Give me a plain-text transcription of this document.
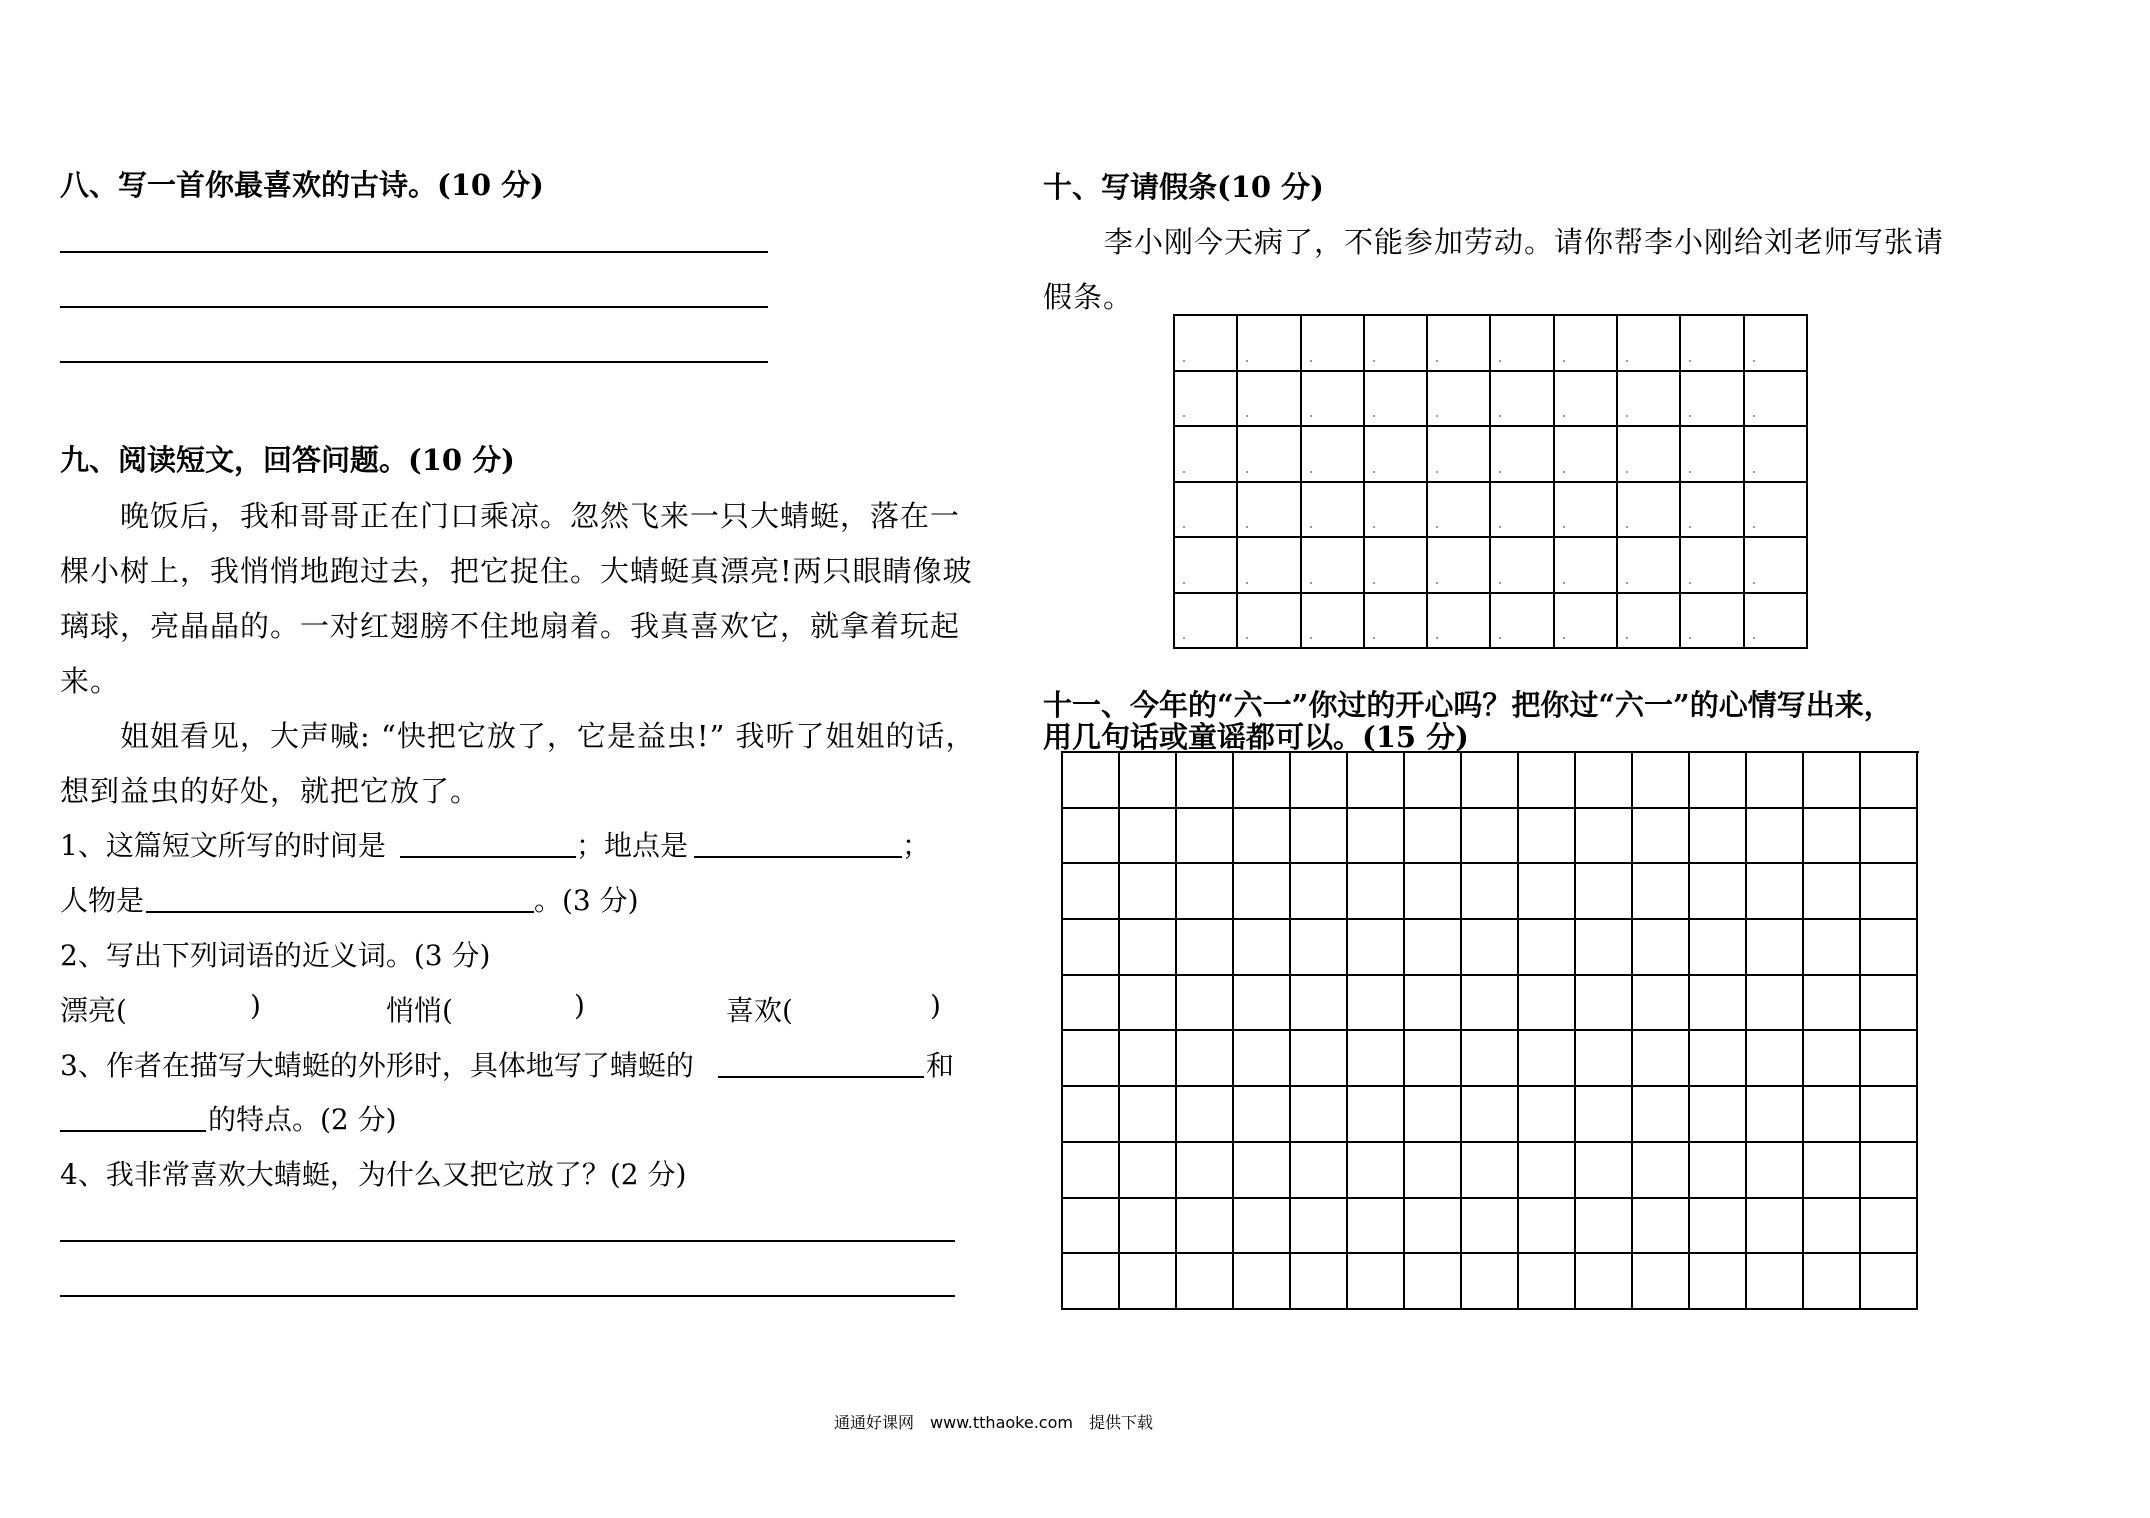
八、写一首你最喜欢的古诗。(10 分)
九、阅读短文，回答问题。(10 分)
晚饭后，我和哥哥正在门口乘凉。忽然飞来一只大蜻蜓，落在一
棵小树上，我悄悄地跑过去，把它捉住。大蜻蜓真漂亮!两只眼睛像玻
璃球，亮晶晶的。一对红翅膀不住地扇着。我真喜欢它，就拿着玩起
来。
姐姐看见，大声喊: “快把它放了，它是益虫!” 我听了姐姐的话，
想到益虫的好处，就把它放了。
1、这篇短文所写的时间是	；地点是	；
人物是	。(3 分)
2、写出下列词语的近义词。(3 分)
漂亮(	)	悄悄(	)	喜欢(	)
3、作者在描写大蜻蜓的外形时，具体地写了蜻蜓的	和
的特点。(2 分)
4、我非常喜欢大蜻蜓，为什么又把它放了？(2 分)
十、写请假条(10 分)
李小刚今天病了，不能参加劳动。请你帮李小刚给刘老师写张请
假条。
十一、今年的“六一”你过的开心吗？把你过“六一”的心情写出来，
用几句话或童谣都可以。(15 分)
通通好课网　www.tthaoke.com　提供下载
